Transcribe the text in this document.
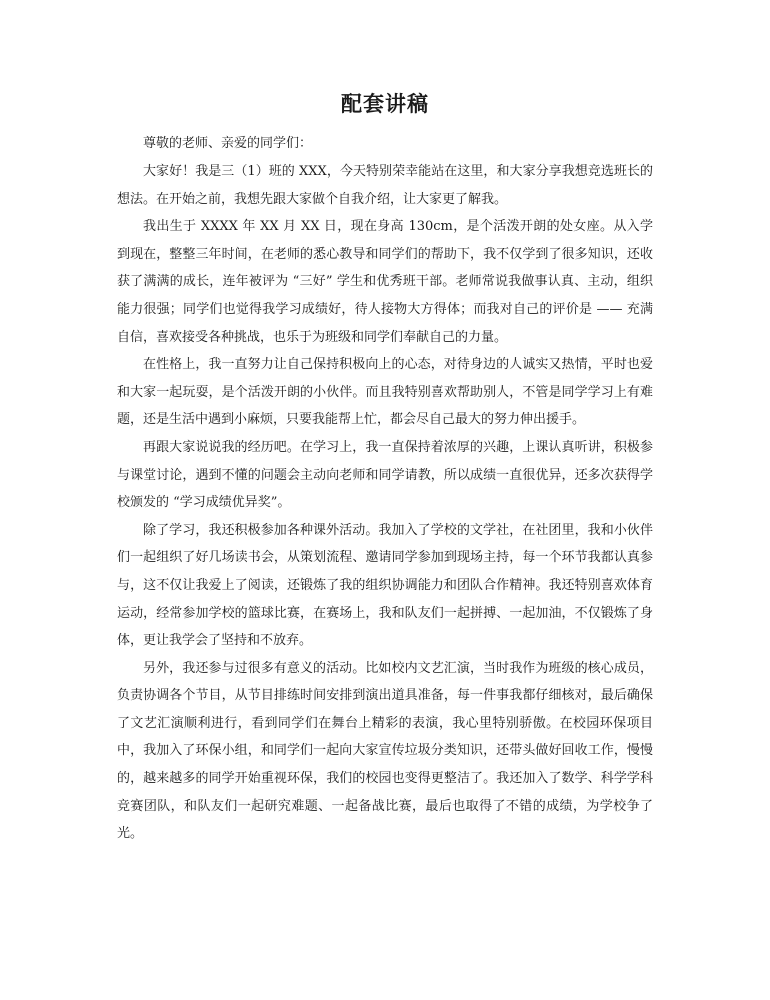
配套讲稿

尊敬的老师、亲爱的同学们：

大家好！我是三（1）班的 XXX，今天特别荣幸能站在这里，和大家分享我想竞选班长的想法。在开始之前，我想先跟大家做个自我介绍，让大家更了解我。

我出生于 XXXX 年 XX 月 XX 日，现在身高 130cm，是个活泼开朗的处女座。从入学到现在，整整三年时间，在老师的悉心教导和同学们的帮助下，我不仅学到了很多知识，还收获了满满的成长，连年被评为 “三好” 学生和优秀班干部。老师常说我做事认真、主动，组织能力很强；同学们也觉得我学习成绩好，待人接物大方得体；而我对自己的评价是 —— 充满自信，喜欢接受各种挑战，也乐于为班级和同学们奉献自己的力量。

在性格上，我一直努力让自己保持积极向上的心态，对待身边的人诚实又热情，平时也爱和大家一起玩耍，是个活泼开朗的小伙伴。而且我特别喜欢帮助别人，不管是同学学习上有难题，还是生活中遇到小麻烦，只要我能帮上忙，都会尽自己最大的努力伸出援手。

再跟大家说说我的经历吧。在学习上，我一直保持着浓厚的兴趣，上课认真听讲，积极参与课堂讨论，遇到不懂的问题会主动向老师和同学请教，所以成绩一直很优异，还多次获得学校颁发的 “学习成绩优异奖”。

除了学习，我还积极参加各种课外活动。我加入了学校的文学社，在社团里，我和小伙伴们一起组织了好几场读书会，从策划流程、邀请同学参加到现场主持，每一个环节我都认真参与，这不仅让我爱上了阅读，还锻炼了我的组织协调能力和团队合作精神。我还特别喜欢体育运动，经常参加学校的篮球比赛，在赛场上，我和队友们一起拼搏、一起加油，不仅锻炼了身体，更让我学会了坚持和不放弃。

另外，我还参与过很多有意义的活动。比如校内文艺汇演，当时我作为班级的核心成员，负责协调各个节目，从节目排练时间安排到演出道具准备，每一件事我都仔细核对，最后确保了文艺汇演顺利进行，看到同学们在舞台上精彩的表演，我心里特别骄傲。在校园环保项目中，我加入了环保小组，和同学们一起向大家宣传垃圾分类知识，还带头做好回收工作，慢慢的，越来越多的同学开始重视环保，我们的校园也变得更整洁了。我还加入了数学、科学学科竞赛团队，和队友们一起研究难题、一起备战比赛，最后也取得了不错的成绩，为学校争了光。
